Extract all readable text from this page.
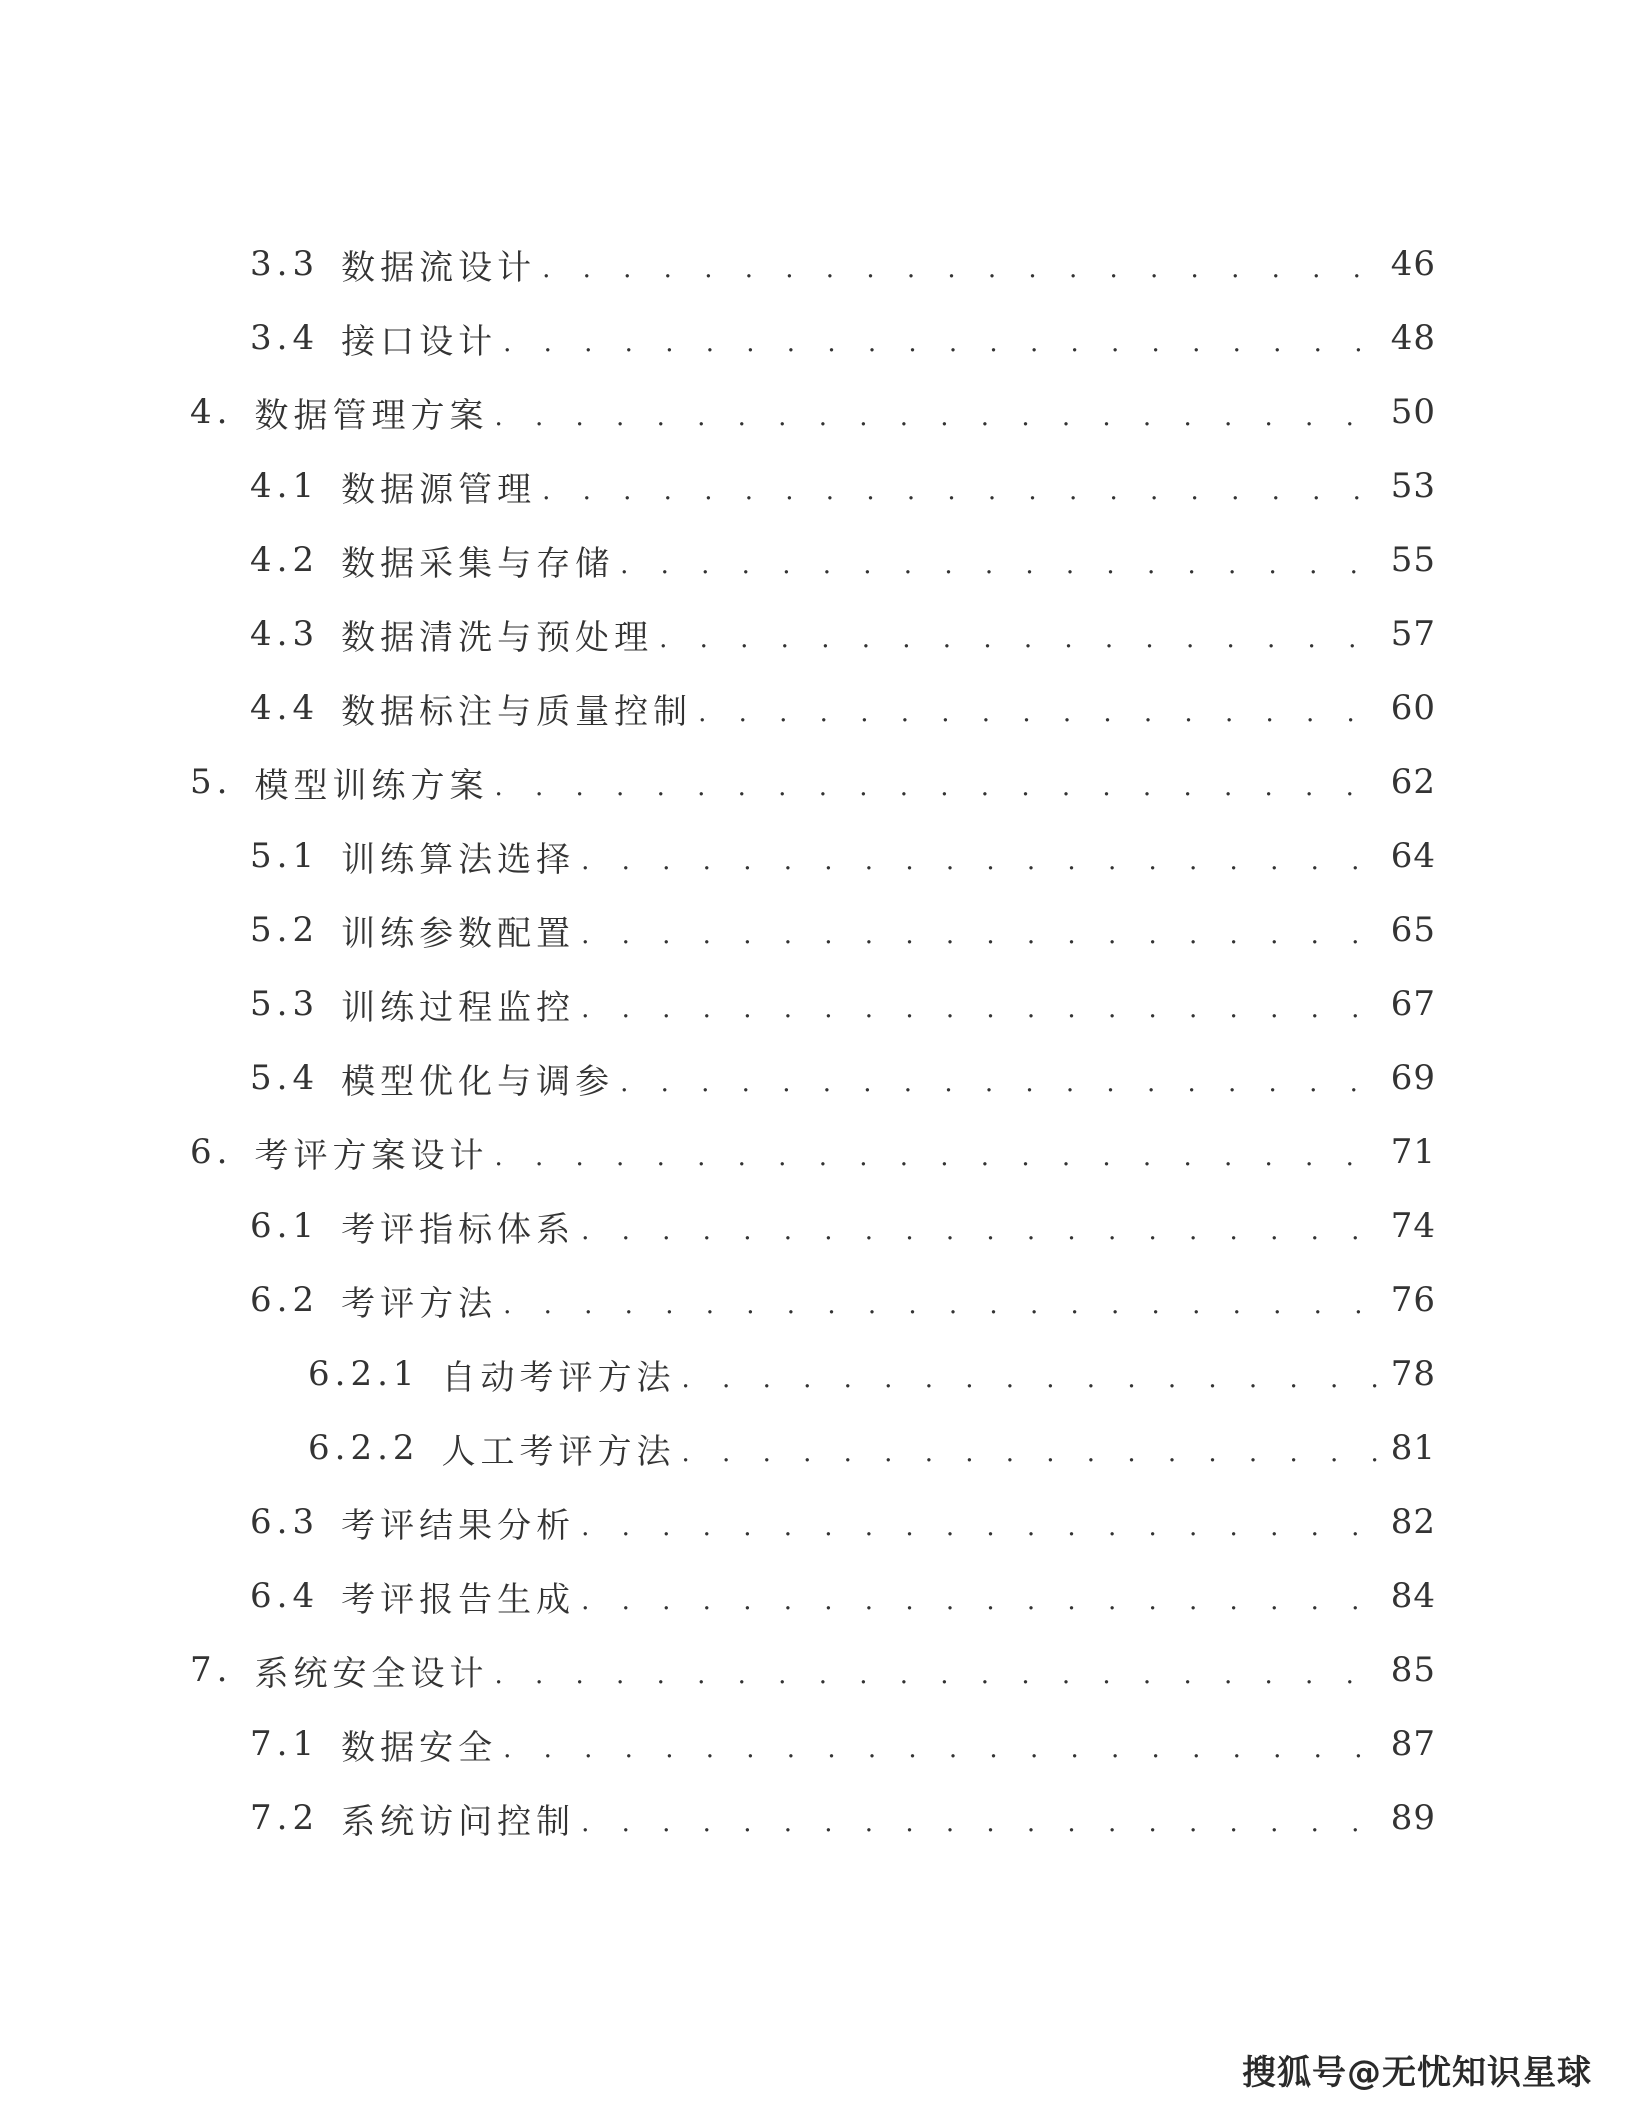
3.3 数据流设计 . . .	46
3.4 接口设计 . . .	48
4. 数据管理方案 . . .	50
4.1 数据源管理 . . .	53
4.2 数据采集与存储 . . .	55
4.3 数据清洗与预处理 . . .	57
4.4 数据标注与质量控制 . . .	60
5. 模型训练方案 . . .	62
5.1 训练算法选择 . . .	64
5.2 训练参数配置 . . .	65
5.3 训练过程监控 . . .	67
5.4 模型优化与调参 . . .	69
6. 考评方案设计 . . .	71
6.1 考评指标体系 . . .	74
6.2 考评方法 . . .	76
6.2.1 自动考评方法 . . .	78
6.2.2 人工考评方法 . . .	81
6.3 考评结果分析 . . .	82
6.4 考评报告生成 . . .	84
7. 系统安全设计 . . .	85
7.1 数据安全 . . .	87
7.2 系统访问控制 . . .	89
搜狐号@无忧知识星球
